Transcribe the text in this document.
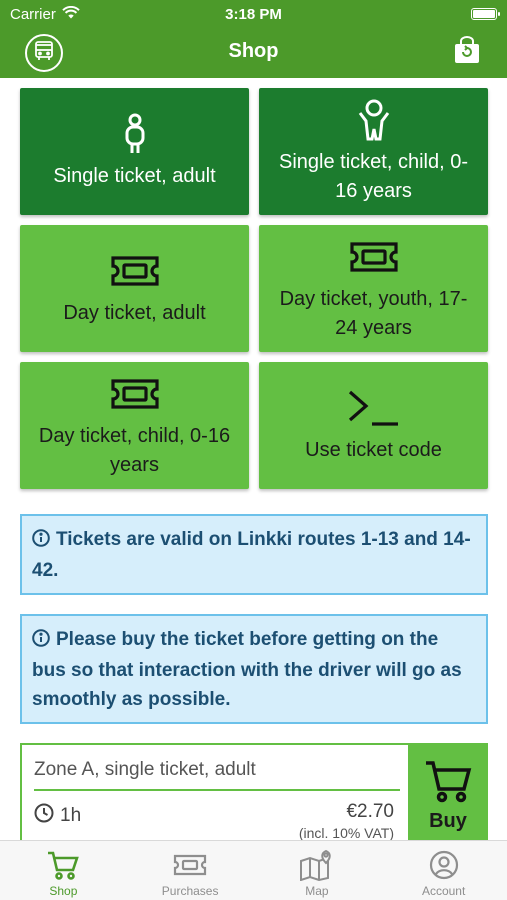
Carrier	3:18 PM
Shop
Single ticket, adult
Single ticket, child, 0-16 years
Day ticket, adult
Day ticket, youth, 17-24 years
Day ticket, child, 0-16 years
Use ticket code
Tickets are valid on Linkki routes 1-13 and 14-42.
Please buy the ticket before getting on the bus so that interaction with the driver will go as smoothly as possible.
Zone A, single ticket, adult
1h	€2.70
(incl. 10% VAT)
Buy
Shop	Purchases	Map	Account
